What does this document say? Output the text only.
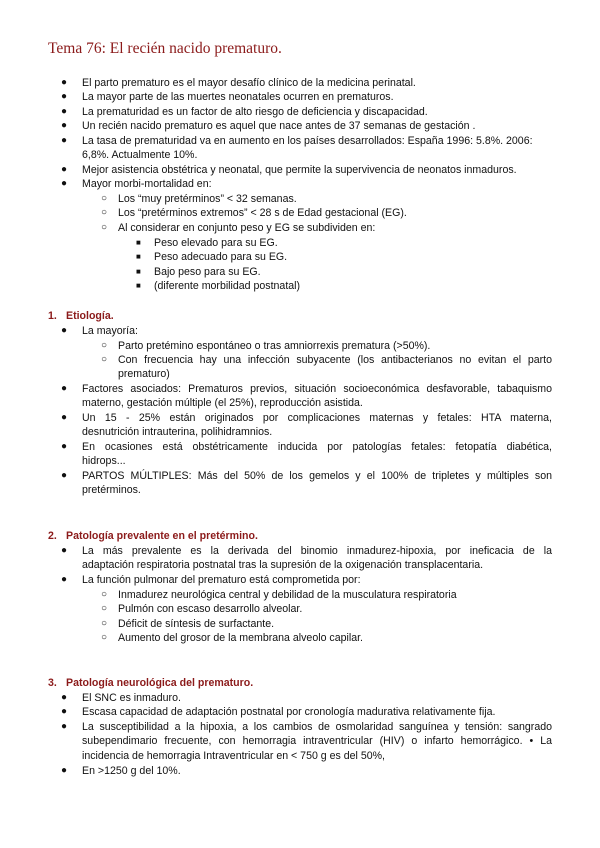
Tema 76: El recién nacido prematuro.
● El parto prematuro es el mayor desafío clínico de la medicina perinatal.
● La mayor parte de las muertes neonatales ocurren en prematuros.
● La prematuridad es un factor de alto riesgo de deficiencia y discapacidad.
● Un recién nacido prematuro es aquel que nace antes de 37 semanas de gestación .
● La tasa de prematuridad va en aumento en los países desarrollados: España 1996: 5.8%. 2006:
6,8%. Actualmente 10%.
● Mejor asistencia obstétrica y neonatal, que permite la supervivencia de neonatos inmaduros.
● Mayor morbi-mortalidad en:
○ Los “muy pretérminos” < 32 semanas.
○ Los “pretérminos extremos” < 28 s de Edad gestacional (EG).
○ Al considerar en conjunto peso y EG se subdividen en:
■ Peso elevado para su EG.
■ Peso adecuado para su EG.
■ Bajo peso para su EG.
■ (diferente morbilidad postnatal)
1. Etiología.
● La mayoría:
○ Parto pretémino espontáneo o tras amniorrexis prematura (>50%).
○ Con frecuencia hay una infección subyacente (los antibacterianos no evitan el parto
prematuro)
● Factores asociados: Prematuros previos, situación socioeconómica desfavorable, tabaquismo
materno, gestación múltiple (el 25%), reproducción asistida.
● Un 15 - 25% están originados por complicaciones maternas y fetales: HTA materna,
desnutrición intrauterina, polihidramnios.
● En ocasiones está obstétricamente inducida por patologías fetales: fetopatía diabética,
hidrops...
● PARTOS MÚLTIPLES: Más del 50% de los gemelos y el 100% de tripletes y múltiples son
pretérminos.
2. Patología prevalente en el pretérmino.
● La más prevalente es la derivada del binomio inmadurez-hipoxia, por ineficacia de la
adaptación respiratoria postnatal tras la supresión de la oxigenación transplacentaria.
● La función pulmonar del prematuro está comprometida por:
○ Inmadurez neurológica central y debilidad de la musculatura respiratoria
○ Pulmón con escaso desarrollo alveolar.
○ Déficit de síntesis de surfactante.
○ Aumento del grosor de la membrana alveolo capilar.
3. Patología neurológica del prematuro.
● El SNC es inmaduro.
● Escasa capacidad de adaptación postnatal por cronología madurativa relativamente fija.
● La susceptibilidad a la hipoxia, a los cambios de osmolaridad sanguínea y tensión: sangrado
subependimario frecuente, con hemorragia intraventricular (HIV) o infarto hemorrágico. • La
incidencia de hemorragia Intraventricular en < 750 g es del 50%,
● En >1250 g del 10%.
